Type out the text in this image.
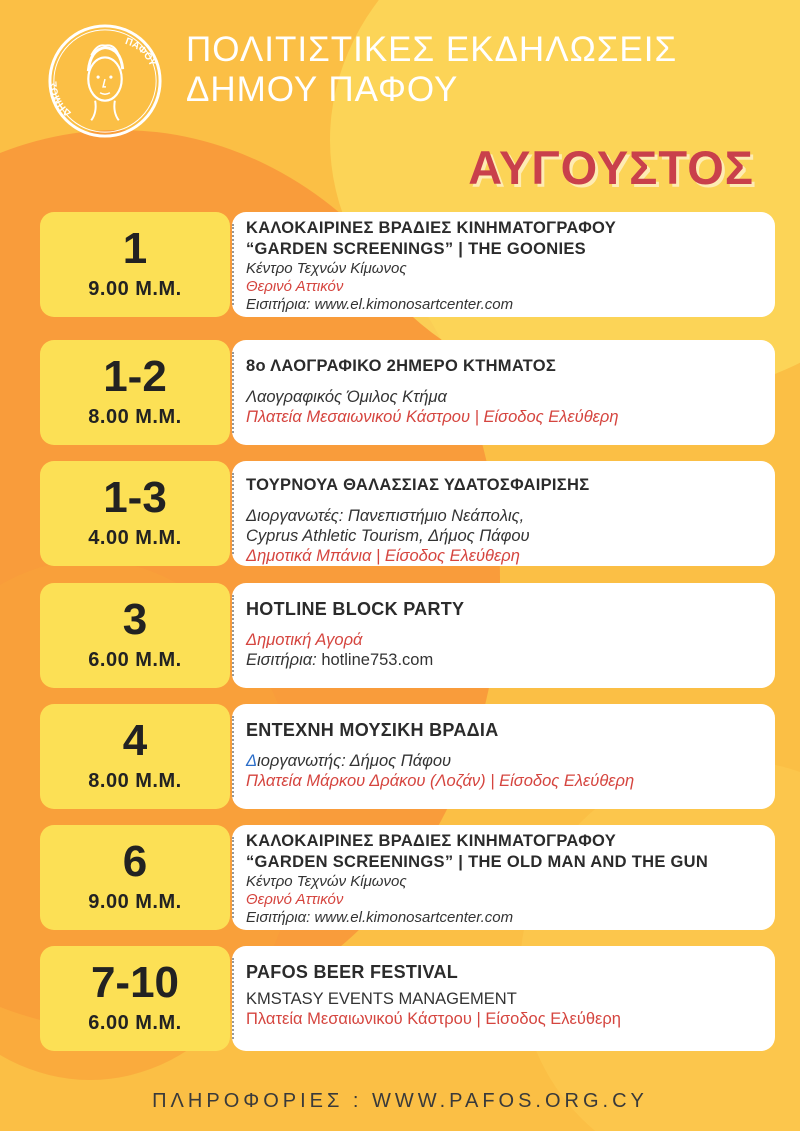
ΔΗΜΟΣ
ΠΑΦΟΥ ΠΟΛΙΤΙΣΤΙΚΕΣ ΕΚΔΗΛΩΣΕΙΣ
ΔΗΜΟΥ ΠΑΦΟΥ
ΑΥΓΟΥΣΤΟΣ
1
9.00 Μ.Μ.
ΚΑΛΟΚΑΙΡΙΝΕΣ ΒΡΑΔΙΕΣ ΚΙΝΗΜΑΤΟΓΡΑΦΟΥ
“GARDEN SCREENINGS” | THE GOONIES
Κέντρο Τεχνών Κίμωνος
Θερινό Αττικόν
Εισιτήρια: www.el.kimonosartcenter.com
1-2
8.00 Μ.Μ.
8ο ΛΑΟΓΡΑΦΙΚΟ 2ΗΜΕΡΟ ΚΤΗΜΑΤΟΣ
Λαογραφικός Όμιλος Κτήμα
Πλατεία Μεσαιωνικού Κάστρου | Είσοδος Ελεύθερη
1-3
4.00 Μ.Μ.
ΤΟΥΡΝΟΥΑ ΘΑΛΑΣΣΙΑΣ ΥΔΑΤΟΣΦΑΙΡΙΣΗΣ
Διοργανωτές: Πανεπιστήμιο Νεάπολις,
Cyprus Athletic Tourism, Δήμος Πάφου
Δημοτικά Μπάνια | Είσοδος Ελεύθερη
3
6.00 Μ.Μ.
HOTLINE BLOCK PARTY
Δημοτική Αγορά
Εισιτήρια: hotline753.com
4
8.00 Μ.Μ.
ΕΝΤΕΧΝΗ ΜΟΥΣΙΚΗ ΒΡΑΔΙΑ
Διοργανωτής: Δήμος Πάφου
Πλατεία Μάρκου Δράκου (Λοζάν) | Είσοδος Ελεύθερη
6
9.00 Μ.Μ.
ΚΑΛΟΚΑΙΡΙΝΕΣ ΒΡΑΔΙΕΣ ΚΙΝΗΜΑΤΟΓΡΑΦΟΥ
“GARDEN SCREENINGS” | THE OLD MAN AND THE GUN
Κέντρο Τεχνών Κίμωνος
Θερινό Αττικόν
Εισιτήρια: www.el.kimonosartcenter.com
7-10
6.00 Μ.Μ.
PAFOS BEER FESTIVAL
KMSTASY EVENTS MANAGEMENT
Πλατεία Μεσαιωνικού Κάστρου | Είσοδος Ελεύθερη
ΠΛΗΡΟΦΟΡΙΕΣ : WWW.PAFOS.ORG.CY
